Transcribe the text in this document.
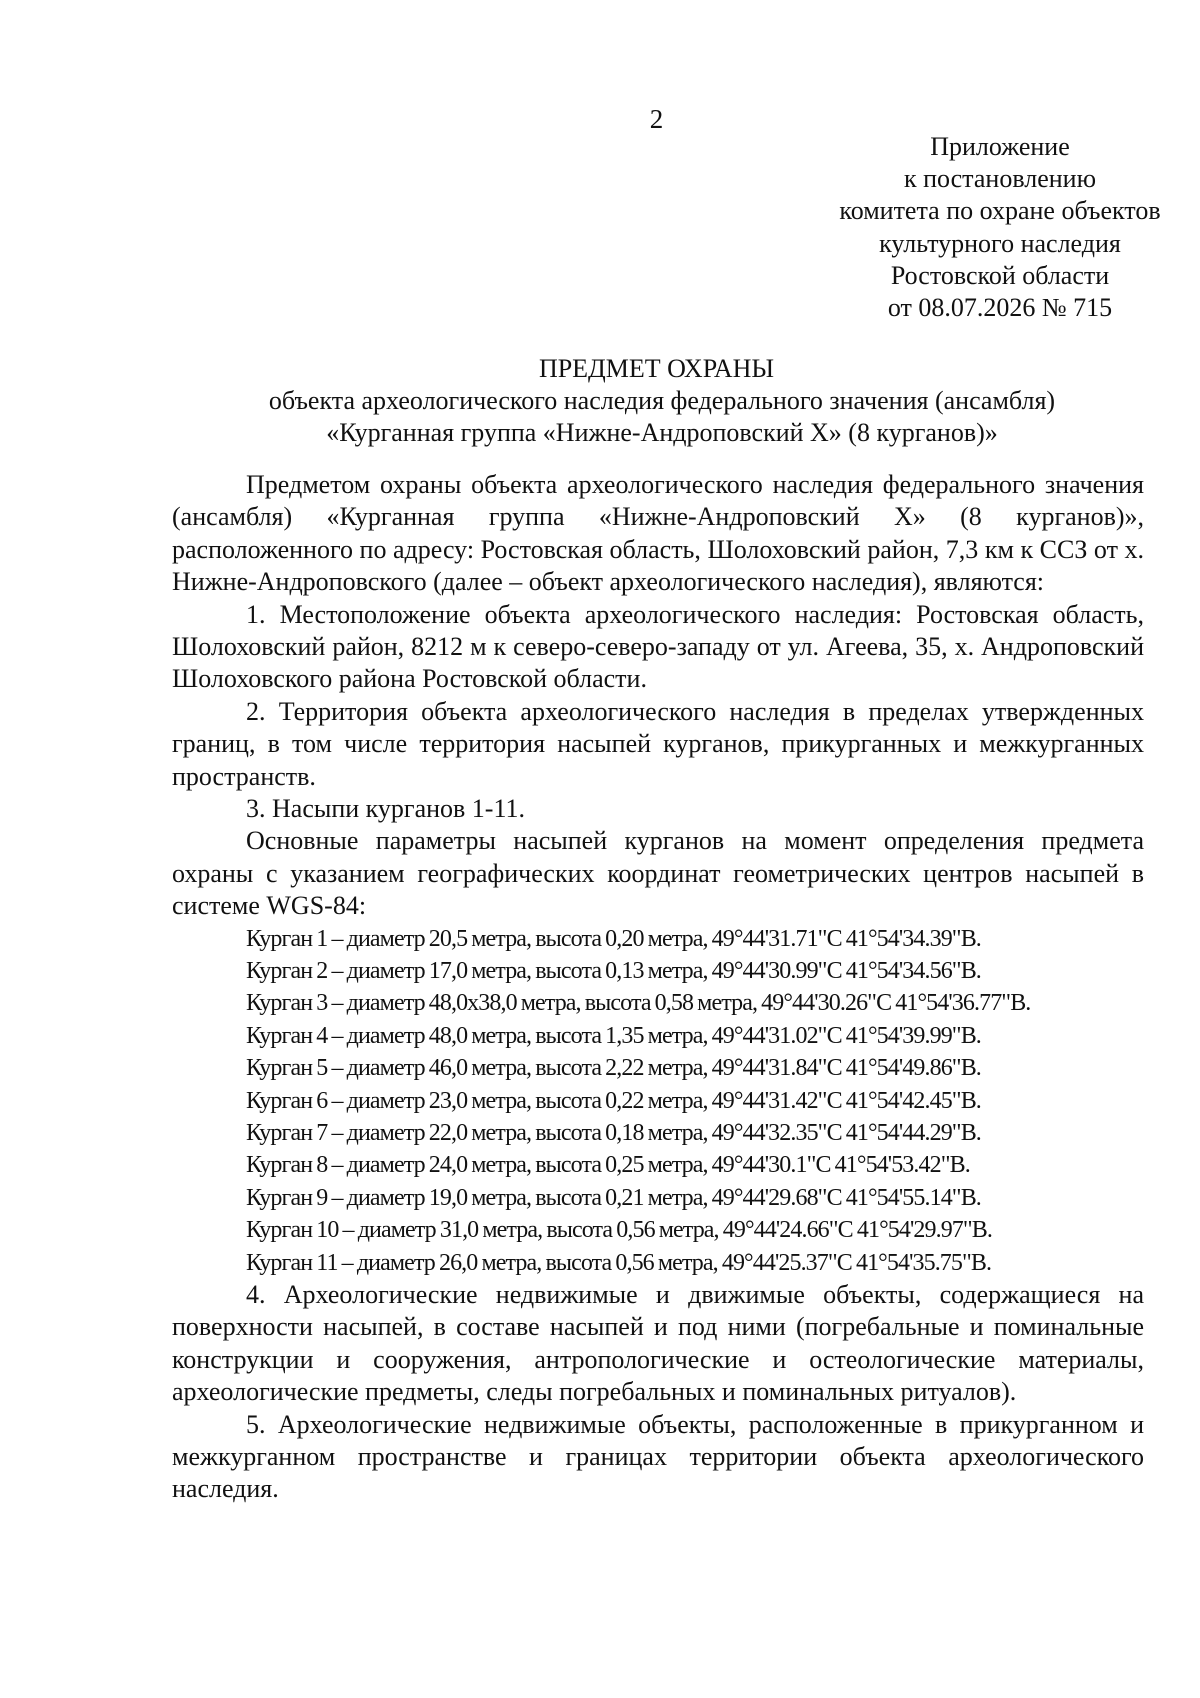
2
Приложение
к постановлению
комитета по охране объектов
культурного наследия
Ростовской области
от 08.07.2026 № 715
ПРЕДМЕТ ОХРАНЫ
объекта археологического наследия федерального значения (ансамбля)
«Курганная группа «Нижне-Андроповский Х» (8 курганов)»

Предметом охраны объекта археологического наследия федерального значения (ансамбля) «Курганная группа «Нижне-Андроповский Х» (8 курганов)», расположенного по адресу: Ростовская область, Шолоховский район, 7,3 км к ССЗ от х. Нижне-Андроповского (далее – объект археологического наследия), являются:

1. Местоположение объекта археологического наследия: Ростовская область, Шолоховский район, 8212 м к северо-северо-западу от ул. Агеева, 35, х. Андроповский Шолоховского района Ростовской области.

2. Территория объекта археологического наследия в пределах утвержденных границ, в том числе территория насыпей курганов, прикурганных и межкурганных пространств.

3. Насыпи курганов 1-11.

Основные параметры насыпей курганов на момент определения предмета охраны с указанием географических координат геометрических центров насыпей в системе WGS-84:

Курган 1 – диаметр 20,5 метра, высота 0,20 метра, 49°44'31.71"С 41°54'34.39"В.
Курган 2 – диаметр 17,0 метра, высота 0,13 метра, 49°44'30.99"С 41°54'34.56"В.
Курган 3 – диаметр 48,0х38,0 метра, высота 0,58 метра, 49°44'30.26"С 41°54'36.77"В.
Курган 4 – диаметр 48,0 метра, высота 1,35 метра, 49°44'31.02"С 41°54'39.99"В.
Курган 5 – диаметр 46,0 метра, высота 2,22 метра, 49°44'31.84"С 41°54'49.86"В.
Курган 6 – диаметр 23,0 метра, высота 0,22 метра, 49°44'31.42"С 41°54'42.45"В.
Курган 7 – диаметр 22,0 метра, высота 0,18 метра, 49°44'32.35"С 41°54'44.29"В.
Курган 8 – диаметр 24,0 метра, высота 0,25 метра, 49°44'30.1"С 41°54'53.42"В.
Курган 9 – диаметр 19,0 метра, высота 0,21 метра, 49°44'29.68"С 41°54'55.14"В.
Курган 10 – диаметр 31,0 метра, высота 0,56 метра, 49°44'24.66"С 41°54'29.97"В.
Курган 11 – диаметр 26,0 метра, высота 0,56 метра, 49°44'25.37"С 41°54'35.75"В.

4. Археологические недвижимые и движимые объекты, содержащиеся на поверхности насыпей, в составе насыпей и под ними (погребальные и поминальные конструкции и сооружения, антропологические и остеологические материалы, археологические предметы, следы погребальных и поминальных ритуалов).

5. Археологические недвижимые объекты, расположенные в прикурганном и межкурганном пространстве и границах территории объекта археологического наследия.
